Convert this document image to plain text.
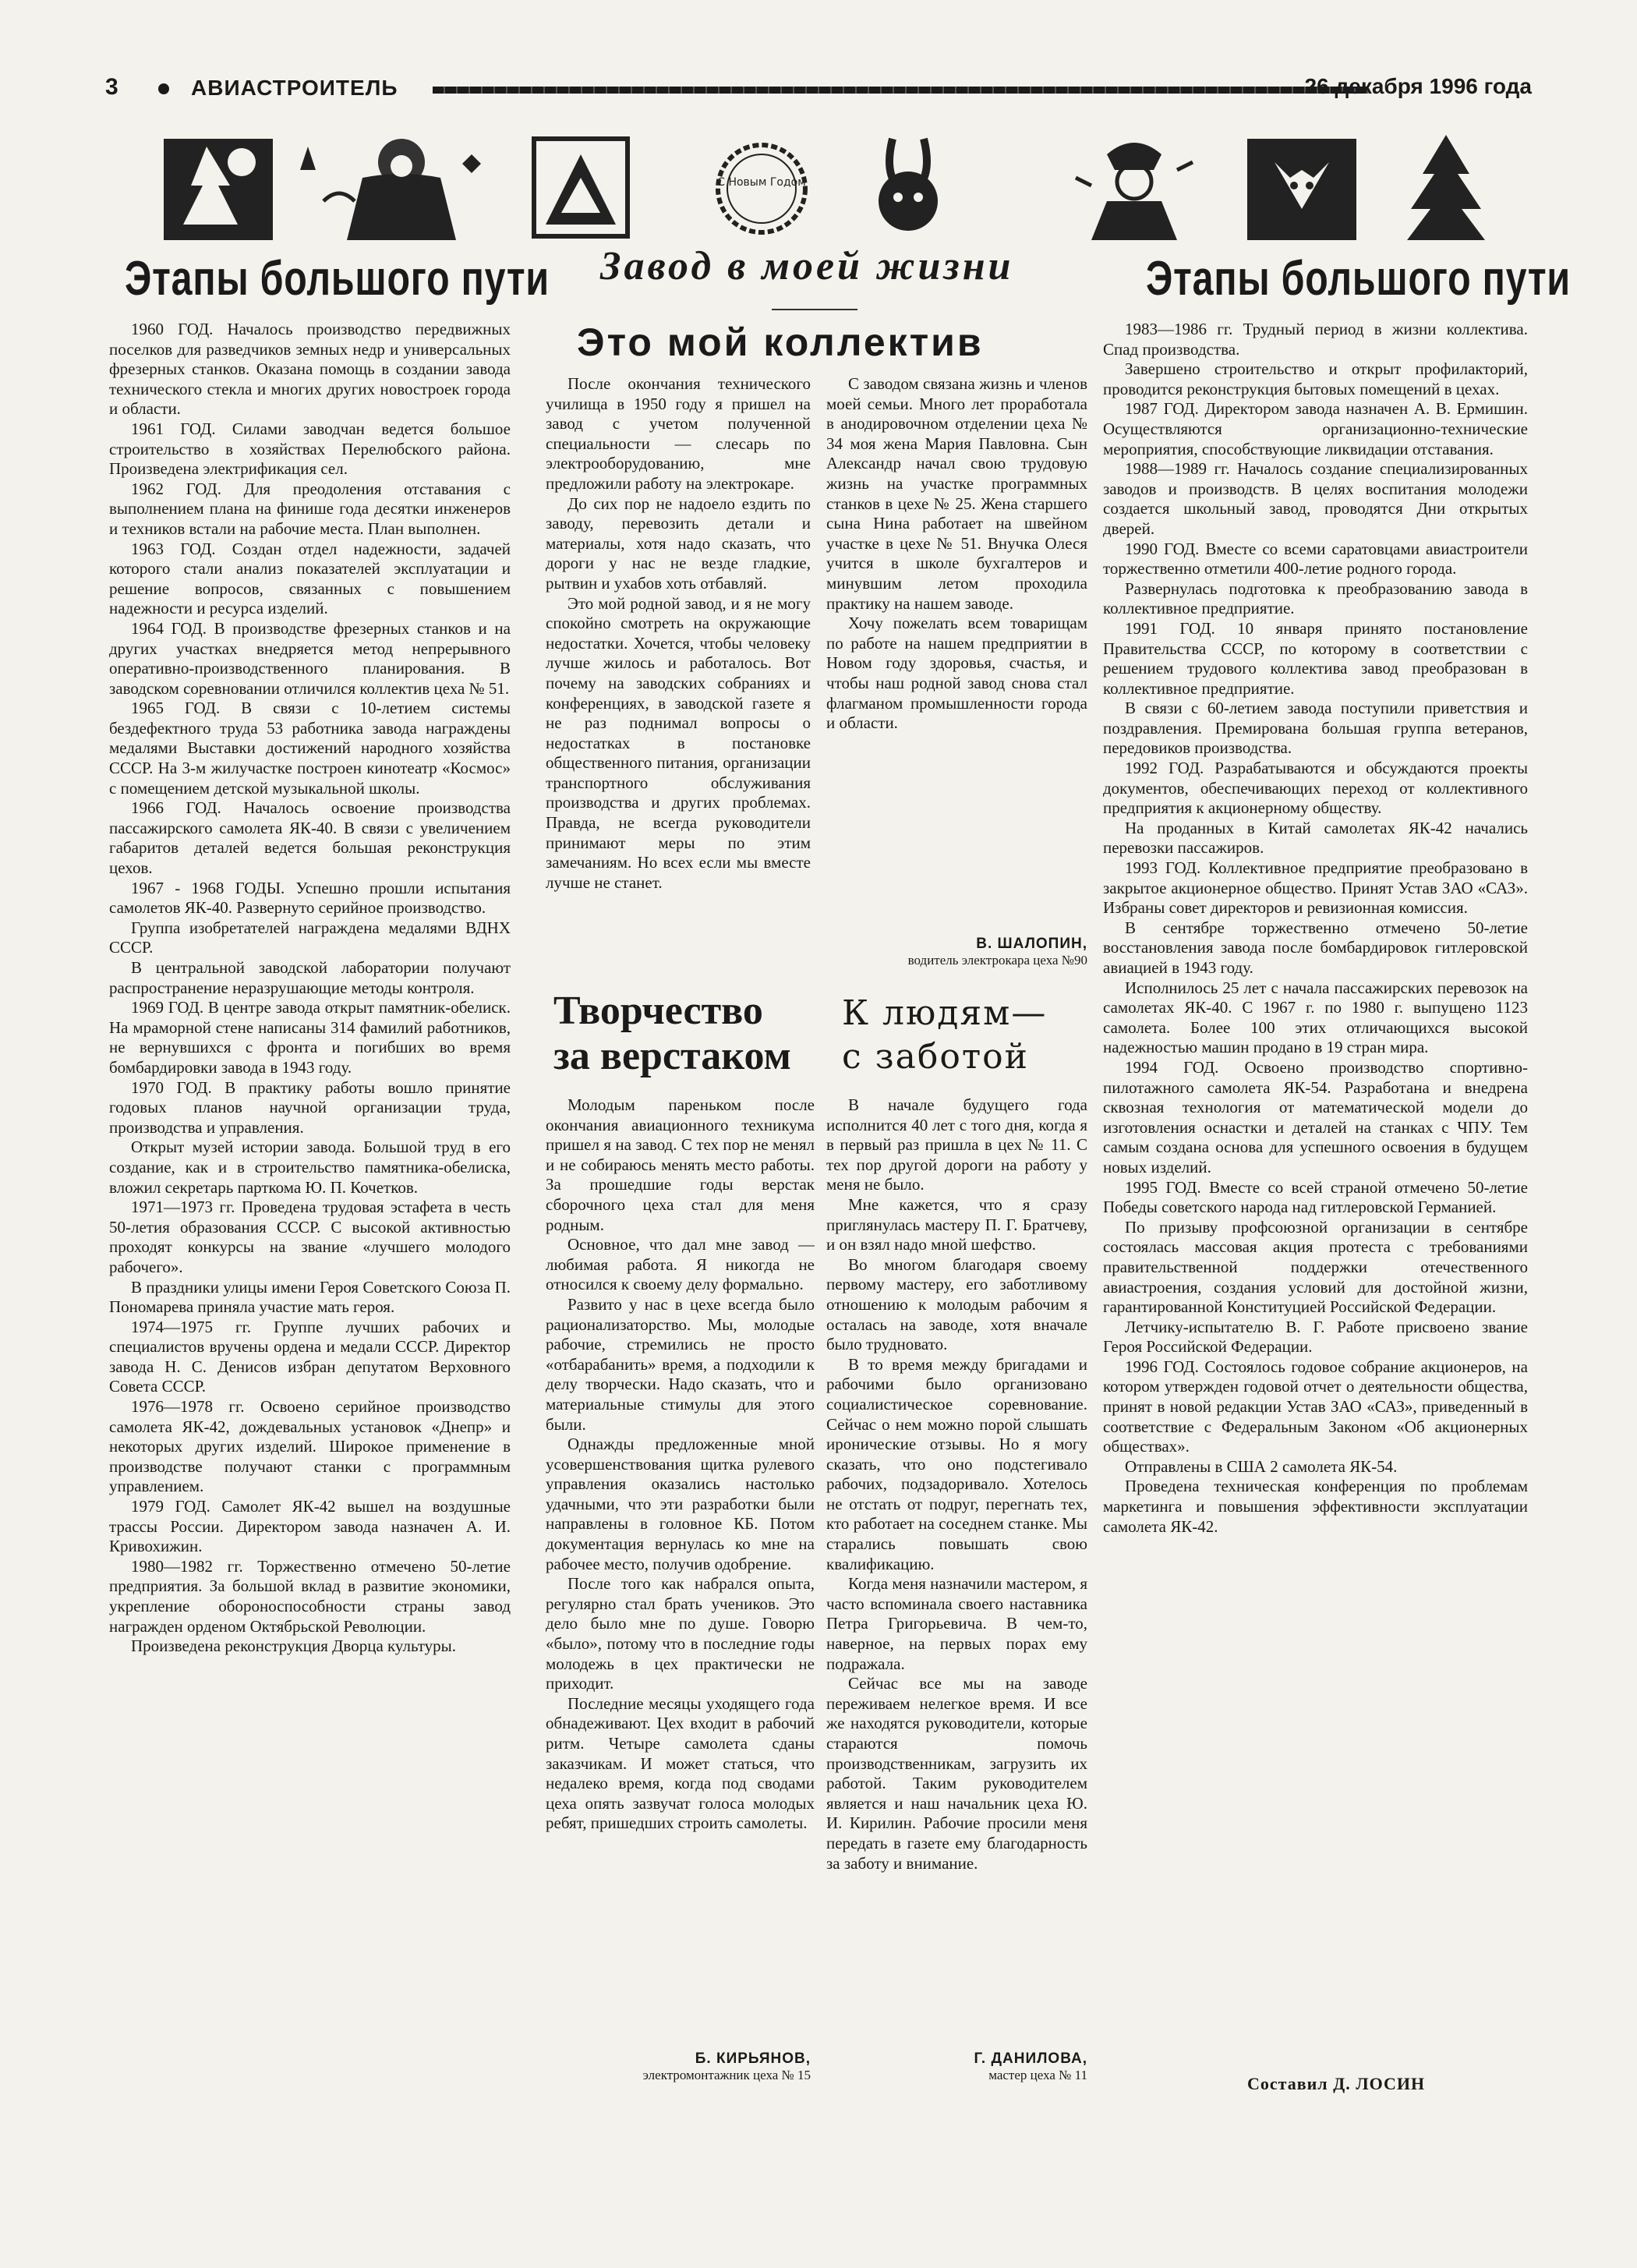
3	АВИАСТРОИТЕЛЬ	26 декабря 1996 года
С Новым Годом
Этапы большого пути

1960 ГОД. Началось производство передвижных поселков для разведчиков земных недр и универсальных фрезерных станков. Оказана помощь в создании завода технического стекла и многих других новостроек города и области.

1961 ГОД. Силами заводчан ведется большое строительство в хозяйствах Перелюбского района. Произведена электрификация сел.

1962 ГОД. Для преодоления отставания с выполнением плана на финише года десятки инженеров и техников встали на рабочие места. План выполнен.

1963 ГОД. Создан отдел надежности, задачей которого стали анализ показателей эксплуатации и решение вопросов, связанных с повышением надежности и ресурса изделий.

1964 ГОД. В производстве фрезерных станков и на других участках внедряется метод непрерывного оперативно-производственного планирования. В заводском соревновании отличился коллектив цеха № 51.

1965 ГОД. В связи с 10-летием системы бездефектного труда 53 работника завода награждены медалями Выставки достижений народного хозяйства СССР. На 3-м жилучастке построен кинотеатр «Космос» с помещением детской музыкальной школы.

1966 ГОД. Началось освоение производства пассажирского самолета ЯК-40. В связи с увеличением габаритов деталей ведется большая реконструкция цехов.

1967 - 1968 ГОДЫ. Успешно прошли испытания самолетов ЯК-40. Развернуто серийное производство.

Группа изобретателей награждена медалями ВДНХ СССР.

В центральной заводской лаборатории получают распространение неразрушающие методы контроля.

1969 ГОД. В центре завода открыт памятник-обелиск. На мраморной стене написаны 314 фамилий работников, не вернувшихся с фронта и погибших во время бомбардировки завода в 1943 году.

1970 ГОД. В практику работы вошло принятие годовых планов научной организации труда, производства и управления.

Открыт музей истории завода. Большой труд в его создание, как и в строительство памятника-обелиска, вложил секретарь парткома Ю. П. Кочетков.

1971—1973 гг. Проведена трудовая эстафета в честь 50-летия образования СССР. С высокой активностью проходят конкурсы на звание «лучшего молодого рабочего».

В праздники улицы имени Героя Советского Союза П. Пономарева приняла участие мать героя.

1974—1975 гг. Группе лучших рабочих и специалистов вручены ордена и медали СССР. Директор завода Н. С. Денисов избран депутатом Верховного Совета СССР.

1976—1978 гг. Освоено серийное производство самолета ЯК-42, дождевальных установок «Днепр» и некоторых других изделий. Широкое применение в производстве получают станки с программным управлением.

1979 ГОД. Самолет ЯК-42 вышел на воздушные трассы России. Директором завода назначен А. И. Кривохижин.

1980—1982 гг. Торжественно отмечено 50-летие предприятия. За большой вклад в развитие экономики, укрепление обороноспособности страны завод награжден орденом Октябрьской Революции.

Произведена реконструкция Дворца культуры.

Завод в моей жизни
Это мой коллектив

После окончания технического училища в 1950 году я пришел на завод с учетом полученной специальности — слесарь по электрооборудованию, мне предложили работу на электрокаре.

До сих пор не надоело ездить по заводу, перевозить детали и материалы, хотя надо сказать, что дороги у нас не везде гладкие, рытвин и ухабов хоть отбавляй.

Это мой родной завод, и я не могу спокойно смотреть на окружающие недостатки. Хочется, чтобы человеку лучше жилось и работалось. Вот почему на заводских собраниях и конференциях, в заводской газете я не раз поднимал вопросы о недостатках в постановке общественного питания, организации транспортного обслуживания производства и других проблемах. Правда, не всегда руководители принимают меры по этим замечаниям. Но всех если мы вместе лучше не станет.

С заводом связана жизнь и членов моей семьи. Много лет проработала в анодировочном отделении цеха № 34 моя жена Мария Павловна. Сын Александр начал свою трудовую жизнь на участке программных станков в цехе № 25. Жена старшего сына Нина работает на швейном участке в цехе № 51. Внучка Олеся учится в школе бухгалтеров и минувшим летом проходила практику на нашем заводе.

Хочу пожелать всем товарищам по работе на нашем предприятии в Новом году здоровья, счастья, и чтобы наш родной завод снова стал флагманом промышленности города и области.

В. ШАЛОПИН,
водитель электрокара цеха №90
Творчество
за верстаком

Молодым пареньком после окончания авиационного техникума пришел я на завод. С тех пор не менял и не собираюсь менять место работы. За прошедшие годы верстак сборочного цеха стал для меня родным.

Основное, что дал мне завод — любимая работа. Я никогда не относился к своему делу формально.

Развито у нас в цехе всегда было рационализаторство. Мы, молодые рабочие, стремились не просто «отбарабанить» время, а подходили к делу творчески. Надо сказать, что и материальные стимулы для этого были.

Однажды предложенные мной усовершенствования щитка рулевого управления оказались настолько удачными, что эти разработки были направлены в головное КБ. Потом документация вернулась ко мне на рабочее место, получив одобрение.

После того как набрался опыта, регулярно стал брать учеников. Это дело было мне по душе. Говорю «было», потому что в последние годы молодежь в цех практически не приходит.

Последние месяцы уходящего года обнадеживают. Цех входит в рабочий ритм. Четыре самолета сданы заказчикам. И может статься, что недалеко время, когда под сводами цеха опять зазвучат голоса молодых ребят, пришедших строить самолеты.

Б. КИРЬЯНОВ,
электромонтажник цеха № 15
К людям—
с заботой

В начале будущего года исполнится 40 лет с того дня, когда я в первый раз пришла в цех № 11. С тех пор другой дороги на работу у меня не было.

Мне кажется, что я сразу приглянулась мастеру П. Г. Братчеву, и он взял надо мной шефство.

Во многом благодаря своему первому мастеру, его заботливому отношению к молодым рабочим я осталась на заводе, хотя вначале было трудновато.

В то время между бригадами и рабочими было организовано социалистическое соревнование. Сейчас о нем можно порой слышать иронические отзывы. Но я могу сказать, что оно подстегивало рабочих, подзадоривало. Хотелось не отстать от подруг, перегнать тех, кто работает на соседнем станке. Мы старались повышать свою квалификацию.

Когда меня назначили мастером, я часто вспоминала своего наставника Петра Григорьевича. В чем-то, наверное, на первых порах ему подражала.

Сейчас все мы на заводе переживаем нелегкое время. И все же находятся руководители, которые стараются помочь производственникам, загрузить их работой. Таким руководителем является и наш начальник цеха Ю. И. Кирилин. Рабочие просили меня передать в газете ему благодарность за заботу и внимание.

Г. ДАНИЛОВА,
мастер цеха № 11
Этапы большого пути

1983—1986 гг. Трудный период в жизни коллектива. Спад производства.

Завершено строительство и открыт профилакторий, проводится реконструкция бытовых помещений в цехах.

1987 ГОД. Директором завода назначен А. В. Ермишин. Осуществляются организационно-технические мероприятия, способствующие ликвидации отставания.

1988—1989 гг. Началось создание специализированных заводов и производств. В целях воспитания молодежи создается школьный завод, проводятся Дни открытых дверей.

1990 ГОД. Вместе со всеми саратовцами авиастроители торжественно отметили 400-летие родного города.

Развернулась подготовка к преобразованию завода в коллективное предприятие.

1991 ГОД. 10 января принято постановление Правительства СССР, по которому в соответствии с решением трудового коллектива завод преобразован в коллективное предприятие.

В связи с 60-летием завода поступили приветствия и поздравления. Премирована большая группа ветеранов, передовиков производства.

1992 ГОД. Разрабатываются и обсуждаются проекты документов, обеспечивающих переход от коллективного предприятия к акционерному обществу.

На проданных в Китай самолетах ЯК-42 начались перевозки пассажиров.

1993 ГОД. Коллективное предприятие преобразовано в закрытое акционерное общество. Принят Устав ЗАО «САЗ». Избраны совет директоров и ревизионная комиссия.

В сентябре торжественно отмечено 50-летие восстановления завода после бомбардировок гитлеровской авиацией в 1943 году.

Исполнилось 25 лет с начала пассажирских перевозок на самолетах ЯК-40. С 1967 г. по 1980 г. выпущено 1123 самолета. Более 100 этих отличающихся высокой надежностью машин продано в 19 стран мира.

1994 ГОД. Освоено производство спортивно-пилотажного самолета ЯК-54. Разработана и внедрена сквозная технология от математической модели до изготовления оснастки и деталей на станках с ЧПУ. Тем самым создана основа для успешного освоения в будущем новых изделий.

1995 ГОД. Вместе со всей страной отмечено 50-летие Победы советского народа над гитлеровской Германией.

По призыву профсоюзной организации в сентябре состоялась массовая акция протеста с требованиями правительственной поддержки отечественного авиастроения, создания условий для достойной жизни, гарантированной Конституцией Российской Федерации.

Летчику-испытателю В. Г. Работе присвоено звание Героя Российской Федерации.

1996 ГОД. Состоялось годовое собрание акционеров, на котором утвержден годовой отчет о деятельности общества, принят в новой редакции Устав ЗАО «САЗ», приведенный в соответствие с Федеральным Законом «Об акционерных обществах».

Отправлены в США 2 самолета ЯК-54.

Проведена техническая конференция по проблемам маркетинга и повышения эффективности эксплуатации самолета ЯК-42.

Составил Д. ЛОСИН
